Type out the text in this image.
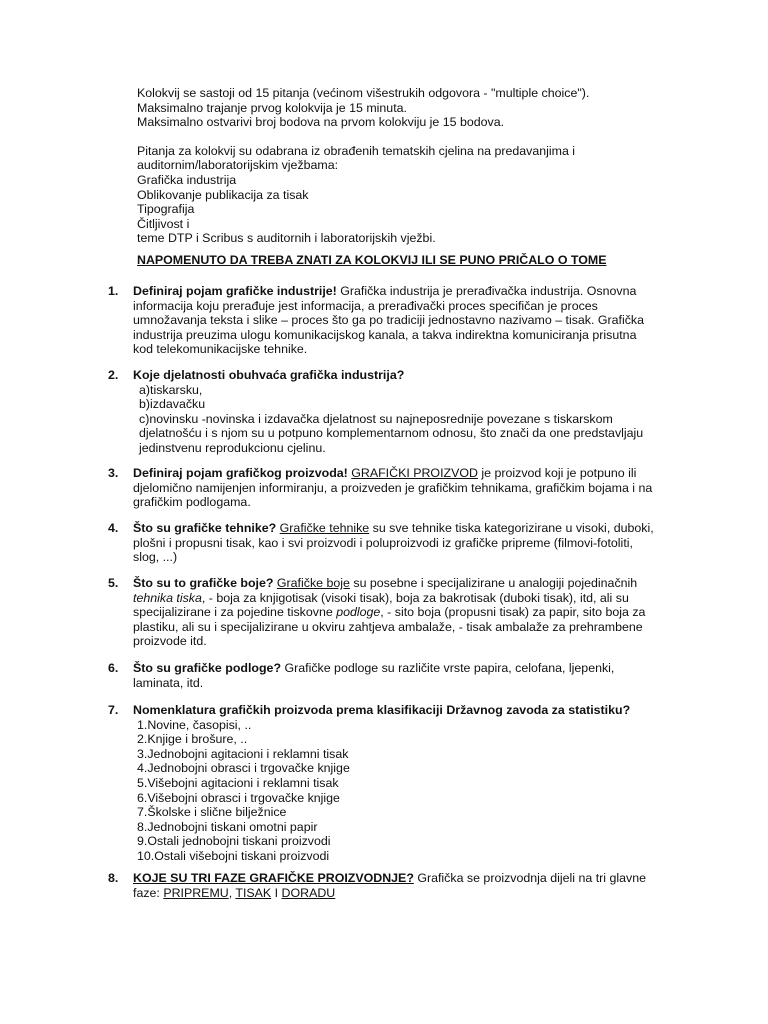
Kolokvij se sastoji od 15 pitanja (većinom višestrukih odgovora - "multiple choice").

Maksimalno trajanje prvog kolokvija je 15 minuta.

Maksimalno ostvarivi broj bodova na prvom kolokviju je 15 bodova.

Pitanja za kolokvij su odabrana iz obrađenih tematskih cjelina na predavanjima i

auditornim/laboratorijskim vježbama:

Grafička industrija

Oblikovanje publikacija za tisak

Tipografija

Čitljivost i

teme DTP i Scribus s auditornih i laboratorijskih vježbi.

NAPOMENUTO DA TREBA ZNATI ZA KOLOKVIJ ILI SE PUNO PRIČALO O TOME
1. Definiraj pojam grafičke industrije! Grafička industrija je prerađivačka industrija. Osnovna
informacija koju prerađuje jest informacija, a prerađivački proces specifičan je proces
umnožavanja teksta i slike – proces što ga po tradiciji jednostavno nazivamo – tisak. Grafička
industrija preuzima ulogu komunikacijskog kanala, a takva indirektna komuniciranja prisutna
kod telekomunikacijske tehnike.
2. Koje djelatnosti obuhvaća grafička industrija?
a)tiskarsku,
b)izdavačku
c)novinsku -novinska i izdavačka djelatnost su najneposrednije povezane s tiskarskom
djelatnošću i s njom su u potpuno komplementarnom odnosu, što znači da one predstavljaju
jedinstvenu reprodukcionu cjelinu.
3. Definiraj pojam grafičkog proizvoda! GRAFIČKI PROIZVOD je proizvod koji je potpuno ili
djelomično namijenjen informiranju, a proizveden je grafičkim tehnikama, grafičkim bojama i na
grafičkim podlogama.
4. Što su grafičke tehnike? Grafičke tehnike su sve tehnike tiska kategorizirane u visoki, duboki,
plošni i propusni tisak, kao i svi proizvodi i poluproizvodi iz grafičke pripreme (filmovi-fotoliti,
slog, ...)
5. Što su to grafičke boje? Grafičke boje su posebne i specijalizirane u analogiji pojedinačnih
tehnika tiska, - boja za knjigotisak (visoki tisak), boja za bakrotisak (duboki tisak), itd, ali su
specijalizirane i za pojedine tiskovne podloge, - sito boja (propusni tisak) za papir, sito boja za
plastiku, ali su i specijalizirane u okviru zahtjeva ambalaže, - tisak ambalaže za prehrambene
proizvode itd.
6. Što su grafičke podloge? Grafičke podloge su različite vrste papira, celofana, ljepenki,
laminata, itd.
7. Nomenklatura grafičkih proizvoda prema klasifikaciji Državnog zavoda za statistiku?
1.Novine, časopisi, ..
2.Knjige i brošure, ..
3.Jednobojni agitacioni i reklamni tisak
4.Jednobojni obrasci i trgovačke knjige
5.Višebojni agitacioni i reklamni tisak
6.Višebojni obrasci i trgovačke knjige
7.Školske i slične bilježnice
8.Jednobojni tiskani omotni papir
9.Ostali jednobojni tiskani proizvodi
10.Ostali višebojni tiskani proizvodi
8. KOJE SU TRI FAZE GRAFIČKE PROIZVODNJE? Grafička se proizvodnja dijeli na tri glavne
faze: PRIPREMU, TISAK I DORADU
